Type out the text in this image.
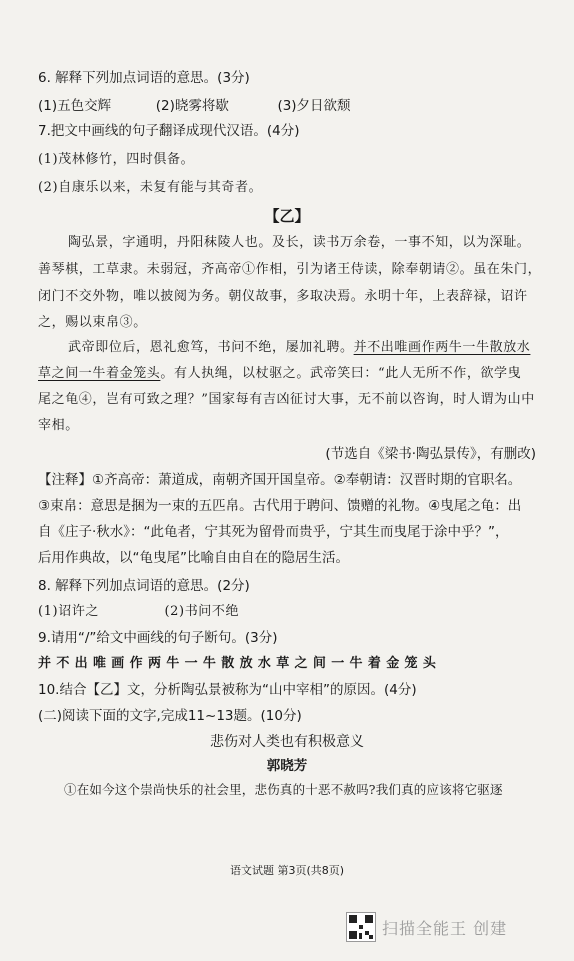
6. 解释下列加点词语的意思。(3分)
(1)五色交辉	(2)晓雾将歇	(3)夕日欲颓
7.把文中画线的句子翻译成现代汉语。(4分)
(1)茂林修竹，四时俱备。
(2)自康乐以来，未复有能与其奇者。
【乙】
陶弘景，字通明，丹阳秣陵人也。及长，读书万余卷，一事不知，以为深耻。
善琴棋，工草隶。未弱冠，齐高帝①作相，引为诸王侍读，除奉朝请②。虽在朱门，
闭门不交外物，唯以披阅为务。朝仪故事，多取决焉。永明十年，上表辞禄，诏许
之，赐以束帛③。
武帝即位后，恩礼愈笃，书问不绝，屡加礼聘。并不出唯画作两牛一牛散放水
草之间一牛着金笼头。有人执绳，以杖驱之。武帝笑曰：“此人无所不作，欲学曳
尾之龟④，岂有可致之理？”国家每有吉凶征讨大事，无不前以咨询，时人谓为山中
宰相。
(节选自《梁书·陶弘景传》，有删改)
【注释】①齐高帝：萧道成，南朝齐国开国皇帝。②奉朝请：汉晋时期的官职名。
③束帛：意思是捆为一束的五匹帛。古代用于聘问、馈赠的礼物。④曳尾之龟：出
自《庄子·秋水》：“此龟者，宁其死为留骨而贵乎，宁其生而曳尾于涂中乎？”，
后用作典故，以“龟曳尾”比喻自由自在的隐居生活。
8. 解释下列加点词语的意思。(2分)
(1)诏许之	(2)书问不绝
9.请用“/”给文中画线的句子断句。(3分)
并 不 出 唯 画 作 两 牛 一 牛 散 放 水 草 之 间 一 牛 着 金 笼 头
10.结合【乙】文，分析陶弘景被称为“山中宰相”的原因。(4分)
(二)阅读下面的文字,完成11~13题。(10分)
悲伤对人类也有积极意义
郭晓芳
①在如今这个崇尚快乐的社会里，悲伤真的十恶不赦吗?我们真的应该将它驱逐
语文试题 第3页(共8页)
扫描全能王 创建
